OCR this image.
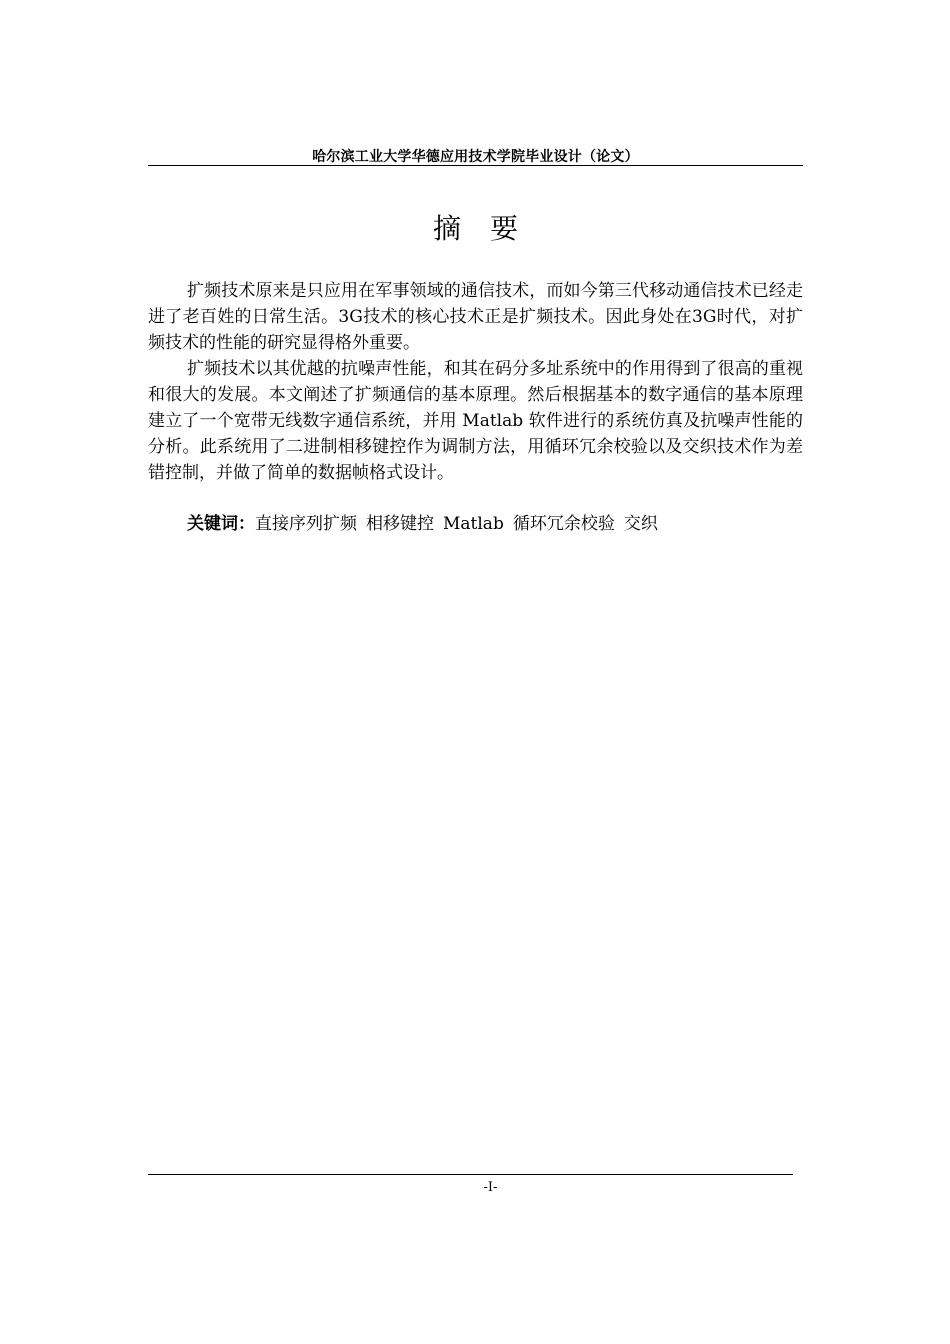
哈尔滨工业大学华德应用技术学院毕业设计（论文）
摘 要

扩频技术原来是只应用在军事领域的通信技术，而如今第三代移动通信技术已经走进了老百姓的日常生活。3G技术的核心技术正是扩频技术。因此身处在3G时代，对扩频技术的性能的研究显得格外重要。

扩频技术以其优越的抗噪声性能，和其在码分多址系统中的作用得到了很高的重视和很大的发展。本文阐述了扩频通信的基本原理。然后根据基本的数字通信的基本原理建立了一个宽带无线数字通信系统，并用 Matlab 软件进行的系统仿真及抗噪声性能的分析。此系统用了二进制相移键控作为调制方法，用循环冗余校验以及交织技术作为差错控制，并做了简单的数据帧格式设计。

关键词：直接序列扩频 相移键控 Matlab 循环冗余校验 交织
-I-
